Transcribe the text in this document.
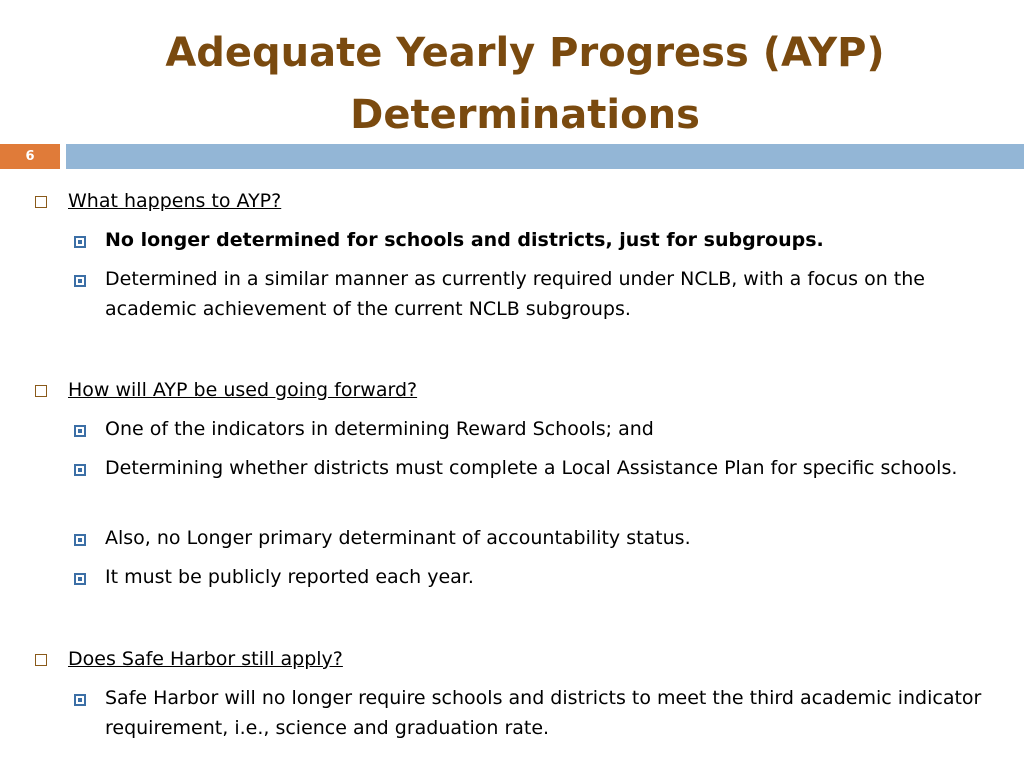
Adequate Yearly Progress (AYP)
Determinations
6
What happens to AYP?
No longer determined for schools and districts, just for subgroups.
Determined in a similar manner as currently required under NCLB, with a focus on the academic achievement of the current NCLB subgroups.
How will AYP be used going forward?
One of the indicators in determining Reward Schools; and
Determining whether districts must complete a Local Assistance Plan for specific schools.
Also, no Longer primary determinant of accountability status.
It must be publicly reported each year.
Does Safe Harbor still apply?
Safe Harbor will no longer require schools and districts to meet the third academic indicator requirement, i.e., science and graduation rate.
